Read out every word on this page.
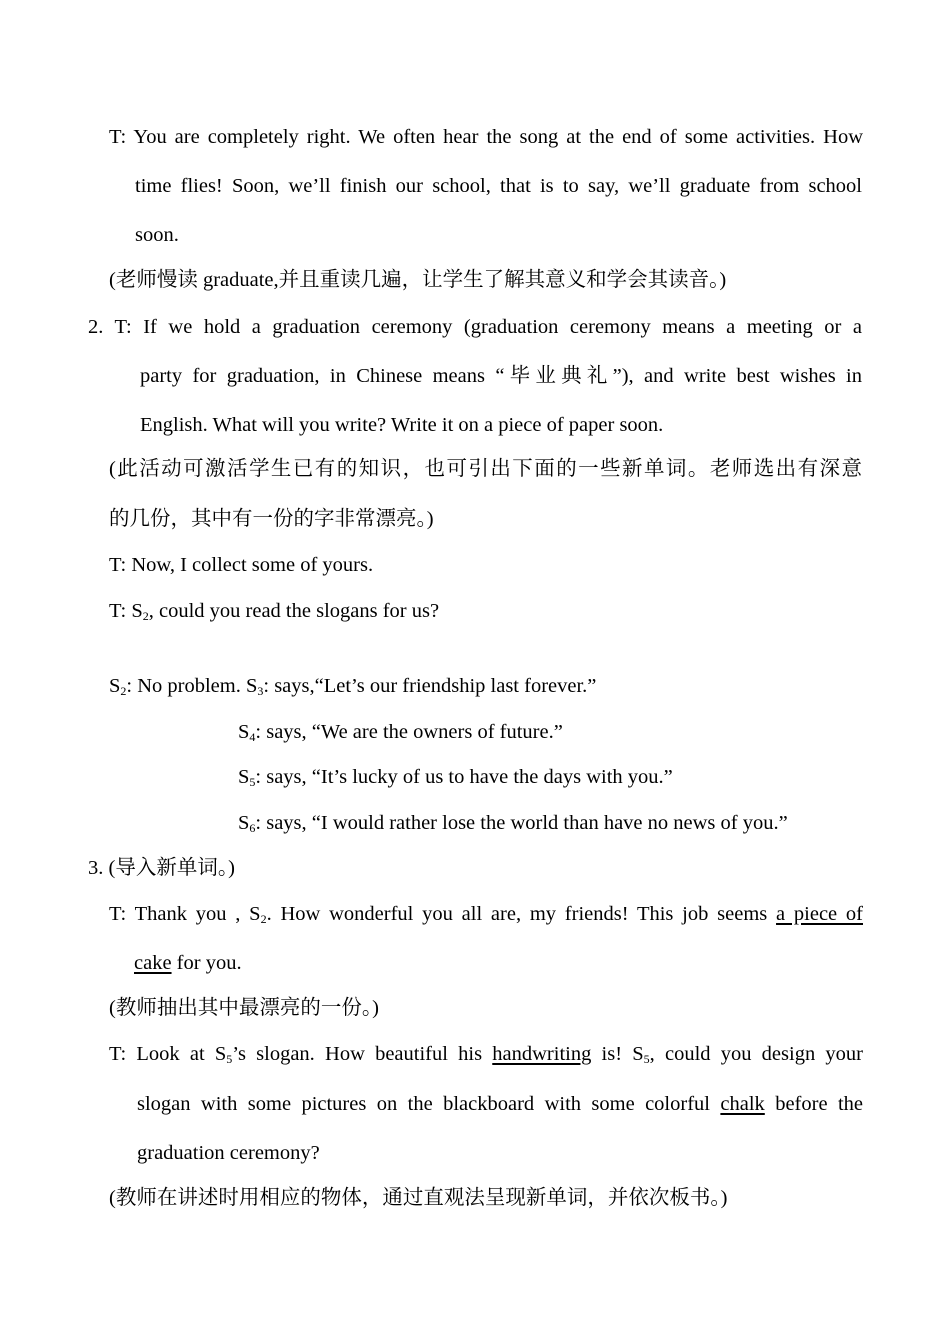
T: You are completely right. We often hear the song at the end of some activities. How
time flies! Soon, we’ll finish our school, that is to say, we’ll graduate from school
soon.
(老师慢读 graduate,并且重读几遍，让学生了解其意义和学会其读音。)
2. T: If we hold a graduation ceremony (graduation ceremony means a meeting or a
party for graduation, in Chinese means “毕业典礼”), and write best wishes in
English. What will you write? Write it on a piece of paper soon.
(此活动可激活学生已有的知识，也可引出下面的一些新单词。老师选出有深意
的几份，其中有一份的字非常漂亮。)
T: Now, I collect some of yours.
T: $S_2$, could you read the slogans for us?
$S_2$: No problem. $S_3$: says,“Let’s our friendship last forever.”
$S_4$: says, “We are the owners of future.”
$S_5$: says, “It’s lucky of us to have the days with you.”
$S_6$: says, “I would rather lose the world than have no news of you.”
3. (导入新单词。)
T: Thank you , $S_2$. How wonderful you all are, my friends! This job seems a piece of
cake for you.
(教师抽出其中最漂亮的一份。)
T: Look at $S_5’s$ slogan. How beautiful his handwriting is! $S_5$, could you design your
slogan with some pictures on the blackboard with some colorful chalk before the
graduation ceremony?
(教师在讲述时用相应的物体，通过直观法呈现新单词，并依次板书。)
